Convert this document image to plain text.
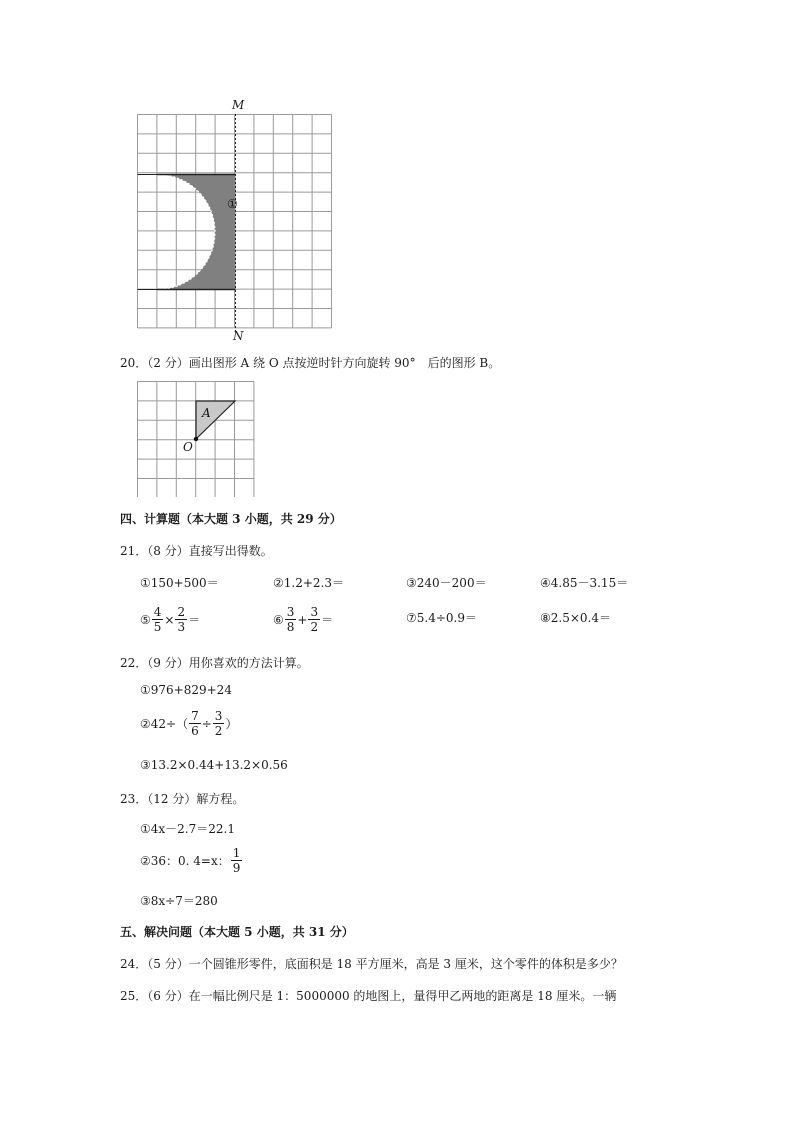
M
①
N
20．（2 分）画出图形 A 绕 O 点按逆时针方向旋转 90°　后的图形 B。
A
O
四、计算题（本大题 3 小题，共 29 分）
21．（8 分）直接写出得数。
①150+500＝	②1.2+2.3＝	③240－200＝	④4.85－3.15＝
⑤ $\frac{4}{5} \times \frac{2}{3}$ ＝	⑥ $\frac{3}{8} + \frac{3}{2}$ ＝	⑦5.4÷0.9＝	⑧2.5×0.4＝
22．（9 分）用你喜欢的方法计算。
①976+829+24
② $42\div( \frac{7}{6} \div \frac{3}{2}$ ）
③13.2×0.44+13.2×0.56
23．（12 分）解方程。
①4x－2.7＝22.1
② 36：0. 4=x： $\frac{1}{9}$
③8x÷7＝280
五、解决问题（本大题 5 小题，共 31 分）
24．（5 分）一个圆锥形零件，底面积是 18 平方厘米，高是 3 厘米，这个零件的体积是多少？
25．（6 分）在一幅比例尺是 1：5000000 的地图上，量得甲乙两地的距离是 18 厘米。一辆
